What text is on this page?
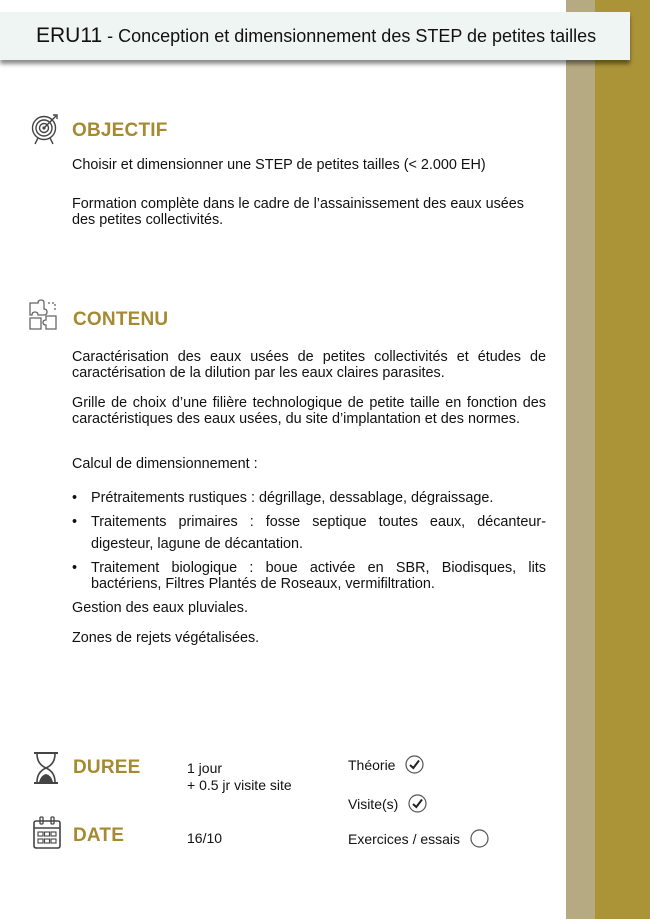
ERU11 - Conception et dimensionnement des STEP de petites tailles
OBJECTIF
Choisir et dimensionner une STEP de petites tailles (< 2.000 EH)
Formation complète dans le cadre de l’assainissement des eaux usées des petites collectivités.
CONTENU
Caractérisation des eaux usées de petites collectivités et études de caractérisation de la dilution par les eaux claires parasites.
Grille de choix d’une filière technologique de petite taille en fonction des caractéristiques des eaux usées, du site d’implantation et des normes.
Calcul de dimensionnement :
• Prétraitements rustiques : dégrillage, dessablage, dégraissage.
• Traitements primaires : fosse septique toutes eaux, décanteur-digesteur, lagune de décantation.
• Traitement biologique : boue activée en SBR, Biodisques, lits bactériens, Filtres Plantés de Roseaux, vermifiltration.
Gestion des eaux pluviales.
Zones de rejets végétalisées.
DUREE	1 jour
+ 0.5 jr visite site
DATE	16/10
Théorie
Visite(s)
Exercices / essais
